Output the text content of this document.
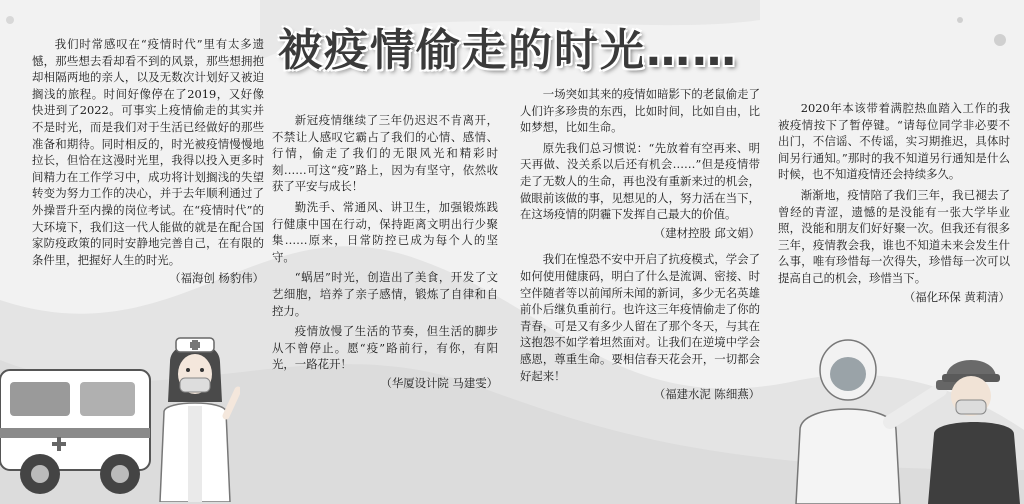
被疫情偷走的时光……

我们时常感叹在“疫情时代”里有太多遗憾，那些想去看却看不到的风景，那些想拥抱却相隔两地的亲人，以及无数次计划好又被迫搁浅的旅程。时间好像停在了2019，又好像快进到了2022。可事实上疫情偷走的其实并不是时光，而是我们对于生活已经做好的那些准备和期待。同时相反的，时光被疫情慢慢地拉长，但恰在这漫时光里，我得以投入更多时间精力在工作学习中，成功将计划搁浅的失望转变为努力工作的决心，并于去年顺利通过了外操晋升至内操的岗位考试。在“疫情时代”的大环境下，我们这一代人能做的就是在配合国家防疫政策的同时安静地完善自己，在有限的条件里，把握好人生的时光。

（福海创 杨豹伟）

新冠疫情继续了三年仍迟迟不肯离开，不禁让人感叹它霸占了我们的心情、感情、行情，偷走了我们的无限风光和精彩时刻……可这“疫”路上，因为有坚守，依然收获了平安与成长！

勤洗手、常通风、讲卫生，加强锻炼践行健康中国在行动，保持距离文明出行少聚集……原来，日常防控已成为每个人的坚守。

“蜗居”时光，创造出了美食，开发了文艺细胞，培养了亲子感情，锻炼了自律和自控力。

疫情放慢了生活的节奏，但生活的脚步从不曾停止。愿“疫”路前行，有你，有阳光，一路花开！

（华厦设计院 马建雯）

一场突如其来的疫情如暗影下的老鼠偷走了人们许多珍贵的东西，比如时间，比如自由，比如梦想，比如生命。

原先我们总习惯说：“先放着有空再来、明天再做、没关系以后还有机会……”但是疫情带走了无数人的生命，再也没有重新来过的机会，做眼前该做的事，见想见的人，努力活在当下，在这场疫情的阴霾下发挥自己最大的价值。

（建材控股 邱文娟）

我们在惶恐不安中开启了抗疫模式，学会了如何使用健康码，明白了什么是流调、密接、时空伴随者等以前闻所未闻的新词，多少无名英雄前仆后继负重前行。也许这三年疫情偷走了你的青春，可是又有多少人留在了那个冬天，与其在这抱怨不如学着坦然面对。让我们在逆境中学会感恩，尊重生命。要相信春天花会开，一切都会好起来！

（福建水泥 陈细燕）

2020年本该带着满腔热血踏入工作的我被疫情按下了暂停键。“请每位同学非必要不出门，不信谣、不传谣，实习期推迟，具体时间另行通知。”那时的我不知道另行通知是什么时候，也不知道疫情还会持续多久。

渐渐地，疫情陪了我们三年，我已褪去了曾经的青涩，遗憾的是没能有一张大学毕业照，没能和朋友们好好聚一次。但我还有很多三年，疫情教会我，谁也不知道未来会发生什么事，唯有珍惜每一次得失，珍惜每一次可以提高自己的机会，珍惜当下。

（福化环保 黄莉清）
